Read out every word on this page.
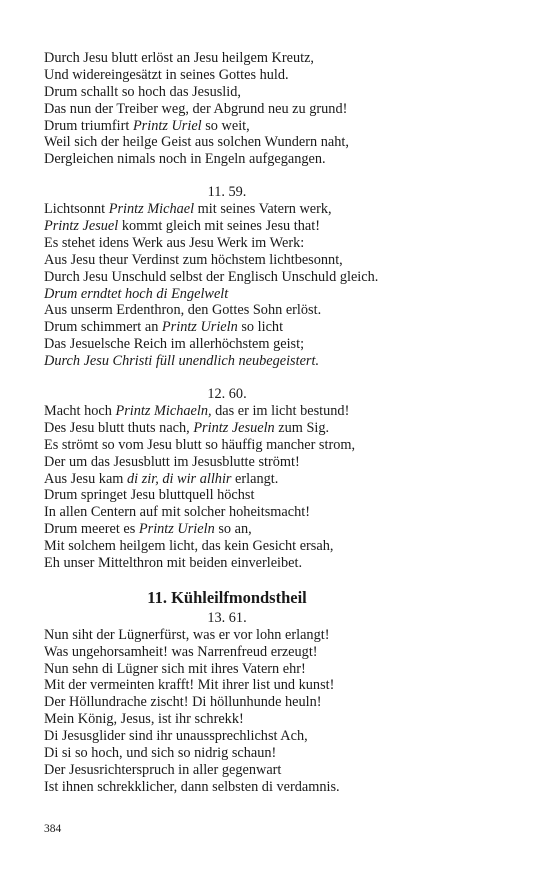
Durch Jesu blutt erlöst an Jesu heilgem Kreutz,
Und widereingesätzt in seines Gottes huld.
Drum schallt so hoch das Jesuslid,
Das nun der Treiber weg, der Abgrund neu zu grund!
Drum triumfirt Printz Uriel so weit,
Weil sich der heilge Geist aus solchen Wundern naht,
Dergleichen nimals noch in Engeln aufgegangen.
11. 59.
Lichtsonnt Printz Michael mit seines Vatern werk,
Printz Jesuel kommt gleich mit seines Jesu that!
Es stehet idens Werk aus Jesu Werk im Werk:
Aus Jesu theur Verdinst zum höchstem lichtbesonnt,
Durch Jesu Unschuld selbst der Englisch Unschuld gleich.
Drum erndtet hoch di Engelwelt
Aus unserm Erdenthron, den Gottes Sohn erlöst.
Drum schimmert an Printz Urieln so licht
Das Jesuelsche Reich im allerhöchstem geist;
Durch Jesu Christi füll unendlich neubegeistert.
12. 60.
Macht hoch Printz Michaeln, das er im licht bestund!
Des Jesu blutt thuts nach, Printz Jesueln zum Sig.
Es strömt so vom Jesu blutt so häuffig mancher strom,
Der um das Jesusblutt im Jesusblutte strömt!
Aus Jesu kam di zir, di wir allhir erlangt.
Drum springet Jesu bluttquell höchst
In allen Centern auf mit solcher hoheitsmacht!
Drum meeret es Printz Urieln so an,
Mit solchem heilgem licht, das kein Gesicht ersah,
Eh unser Mittelthron mit beiden einverleibet.
11. Kühleilfmondstheil
13. 61.
Nun siht der Lügnerfürst, was er vor lohn erlangt!
Was ungehorsamheit! was Narrenfreud erzeugt!
Nun sehn di Lügner sich mit ihres Vatern ehr!
Mit der vermeinten krafft! Mit ihrer list und kunst!
Der Höllundrache zischt! Di höllunhunde heuln!
Mein König, Jesus, ist ihr schrekk!
Di Jesusglider sind ihr unaussprechlichst Ach,
Di si so hoch, und sich so nidrig schaun!
Der Jesusrichterspruch in aller gegenwart
Ist ihnen schrekklicher, dann selbsten di verdamnis.
384
